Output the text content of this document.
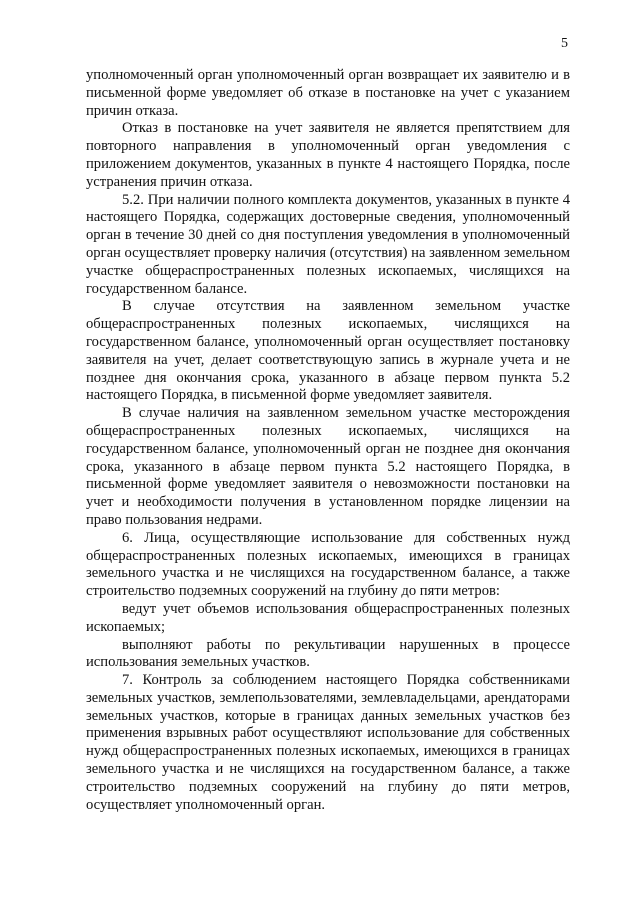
5

уполномоченный орган уполномоченный орган возвращает их заявителю и в письменной форме уведомляет об отказе в постановке на учет с указанием причин отказа.

Отказ в постановке на учет заявителя не является препятствием для повторного направления в уполномоченный орган уведомления с приложением документов, указанных в пункте 4 настоящего Порядка, после устранения причин отказа.

5.2. При наличии полного комплекта документов, указанных в пункте 4 настоящего Порядка, содержащих достоверные сведения, уполномоченный орган в течение 30 дней со дня поступления уведомления в уполномоченный орган осуществляет проверку наличия (отсутствия) на заявленном земельном участке общераспространенных полезных ископаемых, числящихся на государственном балансе.

В случае отсутствия на заявленном земельном участке общераспространенных полезных ископаемых, числящихся на государственном балансе, уполномоченный орган осуществляет постановку заявителя на учет, делает соответствующую запись в журнале учета и не позднее дня окончания срока, указанного в абзаце первом пункта 5.2 настоящего Порядка, в письменной форме уведомляет заявителя.

В случае наличия на заявленном земельном участке месторождения общераспространенных полезных ископаемых, числящихся на государственном балансе, уполномоченный орган не позднее дня окончания срока, указанного в абзаце первом пункта 5.2 настоящего Порядка, в письменной форме уведомляет заявителя о невозможности постановки на учет и необходимости получения в установленном порядке лицензии на право пользования недрами.

6. Лица, осуществляющие использование для собственных нужд общераспространенных полезных ископаемых, имеющихся в границах земельного участка и не числящихся на государственном балансе, а также строительство подземных сооружений на глубину до пяти метров:

ведут учет объемов использования общераспространенных полезных ископаемых;

выполняют работы по рекультивации нарушенных в процессе использования земельных участков.

7. Контроль за соблюдением настоящего Порядка собственниками земельных участков, землепользователями, землевладельцами, арендаторами земельных участков, которые в границах данных земельных участков без применения взрывных работ осуществляют использование для собственных нужд общераспространенных полезных ископаемых, имеющихся в границах земельного участка и не числящихся на государственном балансе, а также строительство подземных сооружений на глубину до пяти метров, осуществляет уполномоченный орган.
